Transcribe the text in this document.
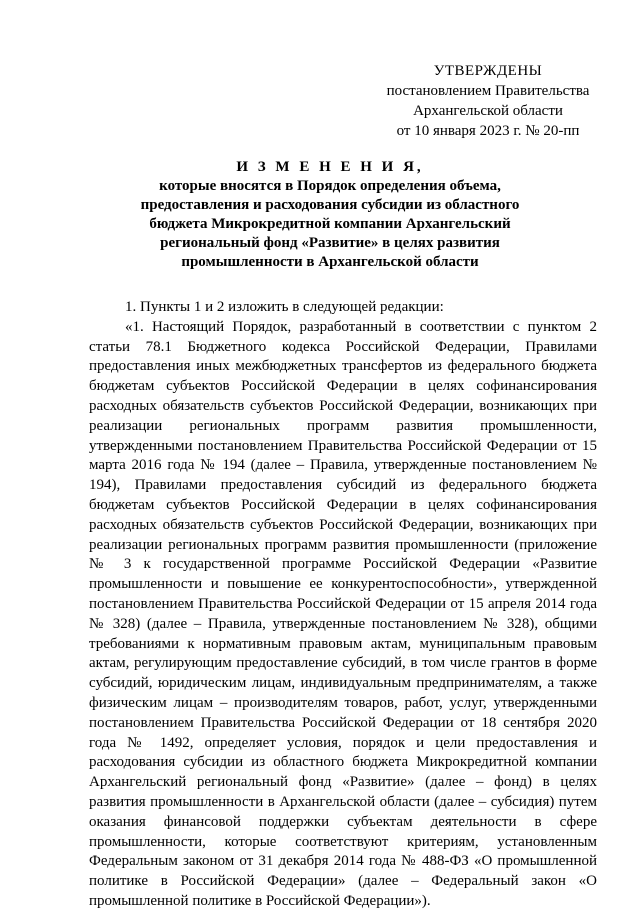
УТВЕРЖДЕНЫ
постановлением Правительства
Архангельской области
от 10 января 2023 г. № 20-пп
И З М Е Н Е Н И Я,
которые вносятся в Порядок определения объема,
предоставления и расходования субсидии из областного
бюджета Микрокредитной компании Архангельский
региональный фонд «Развитие» в целях развития
промышленности в Архангельской области

1. Пункты 1 и 2 изложить в следующей редакции:

«1. Настоящий Порядок, разработанный в соответствии с пунктом 2 статьи 78.1 Бюджетного кодекса Российской Федерации, Правилами предоставления иных межбюджетных трансфертов из федерального бюджета бюджетам субъектов Российской Федерации в целях софинансирования расходных обязательств субъектов Российской Федерации, возникающих при реализации региональных программ развития промышленности, утвержденными постановлением Правительства Российской Федерации от 15 марта 2016 года № 194 (далее – Правила, утвержденные постановлением № 194), Правилами предоставления субсидий из федерального бюджета бюджетам субъектов Российской Федерации в целях софинансирования расходных обязательств субъектов Российской Федерации, возникающих при реализации региональных программ развития промышленности (приложение № 3 к государственной программе Российской Федерации «Развитие промышленности и повышение ее конкурентоспособности», утвержденной постановлением Правительства Российской Федерации от 15 апреля 2014 года № 328) (далее – Правила, утвержденные постановлением № 328), общими требованиями к нормативным правовым актам, муниципальным правовым актам, регулирующим предоставление субсидий, в том числе грантов в форме субсидий, юридическим лицам, индивидуальным предпринимателям, а также физическим лицам – производителям товаров, работ, услуг, утвержденными постановлением Правительства Российской Федерации от 18 сентября 2020 года № 1492, определяет условия, порядок и цели предоставления и расходования субсидии из областного бюджета Микрокредитной компании Архангельский региональный фонд «Развитие» (далее – фонд) в целях развития промышленности в Архангельской области (далее – субсидия) путем оказания финансовой поддержки субъектам деятельности в сфере промышленности, которые соответствуют критериям, установленным Федеральным законом от 31 декабря 2014 года № 488-ФЗ «О промышленной политике в Российской Федерации» (далее – Федеральный закон «О промышленной политике в Российской Федерации»).
